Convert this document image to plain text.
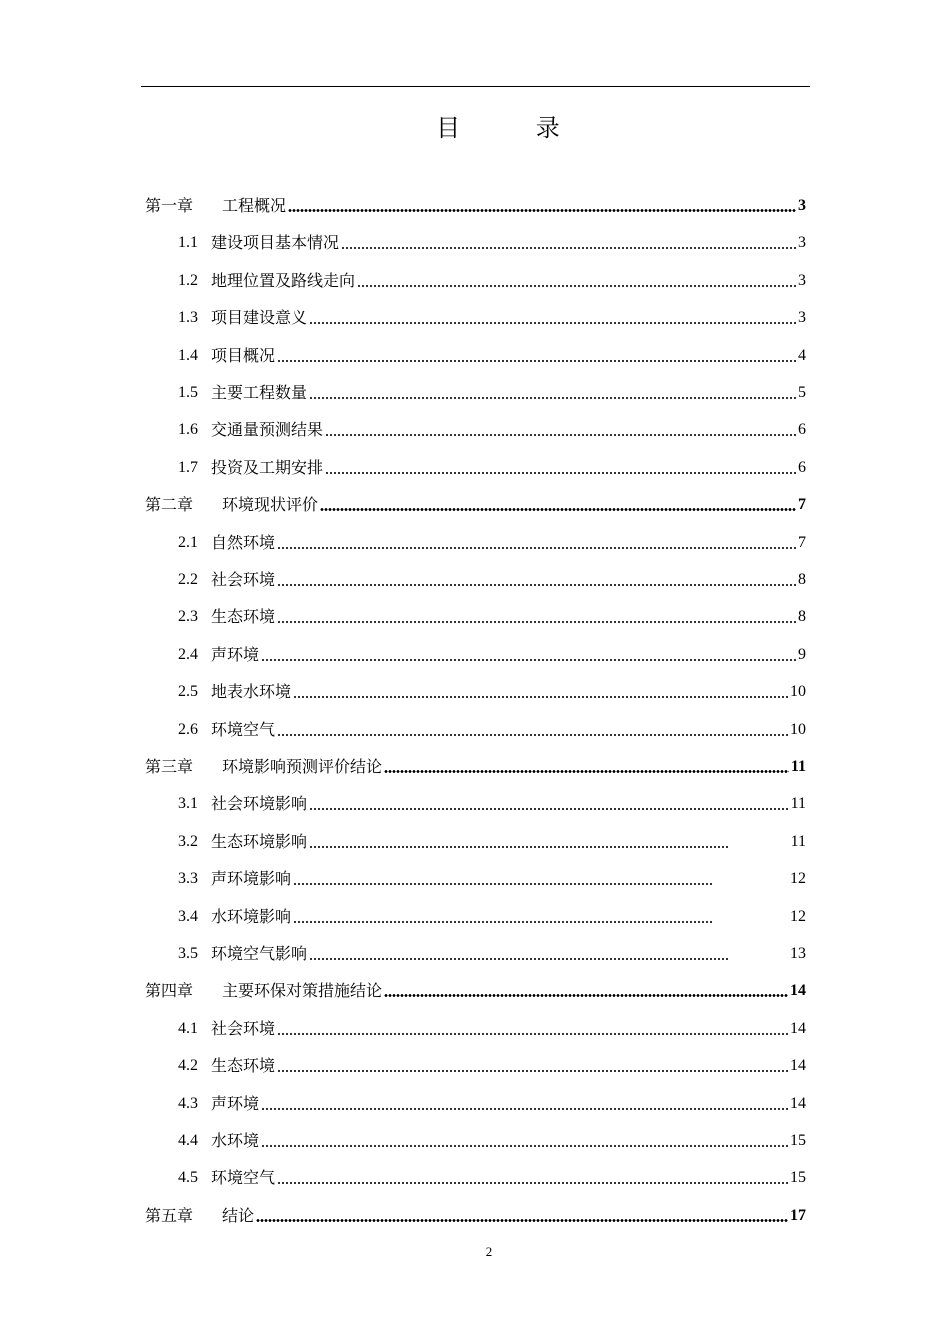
目 录
第一章	工程概况	3
1.1 建设项目基本情况	3
1.2 地理位置及路线走向	3
1.3 项目建设意义	3
1.4 项目概况	4
1.5 主要工程数量	5
1.6 交通量预测结果	6
1.7 投资及工期安排	6
第二章	环境现状评价	7
2.1 自然环境	7
2.2 社会环境	8
2.3 生态环境	8
2.4 声环境	9
2.5 地表水环境	10
2.6 环境空气	10
第三章	环境影响预测评价结论	11
3.1 社会环境影响	11
3.2 生态环境影响	11
3.3 声环境影响	12
3.4 水环境影响	12
3.5 环境空气影响	13
第四章	主要环保对策措施结论	14
4.1 社会环境	14
4.2 生态环境	14
4.3 声环境	14
4.4 水环境	15
4.5 环境空气	15
第五章	结论	17
2
